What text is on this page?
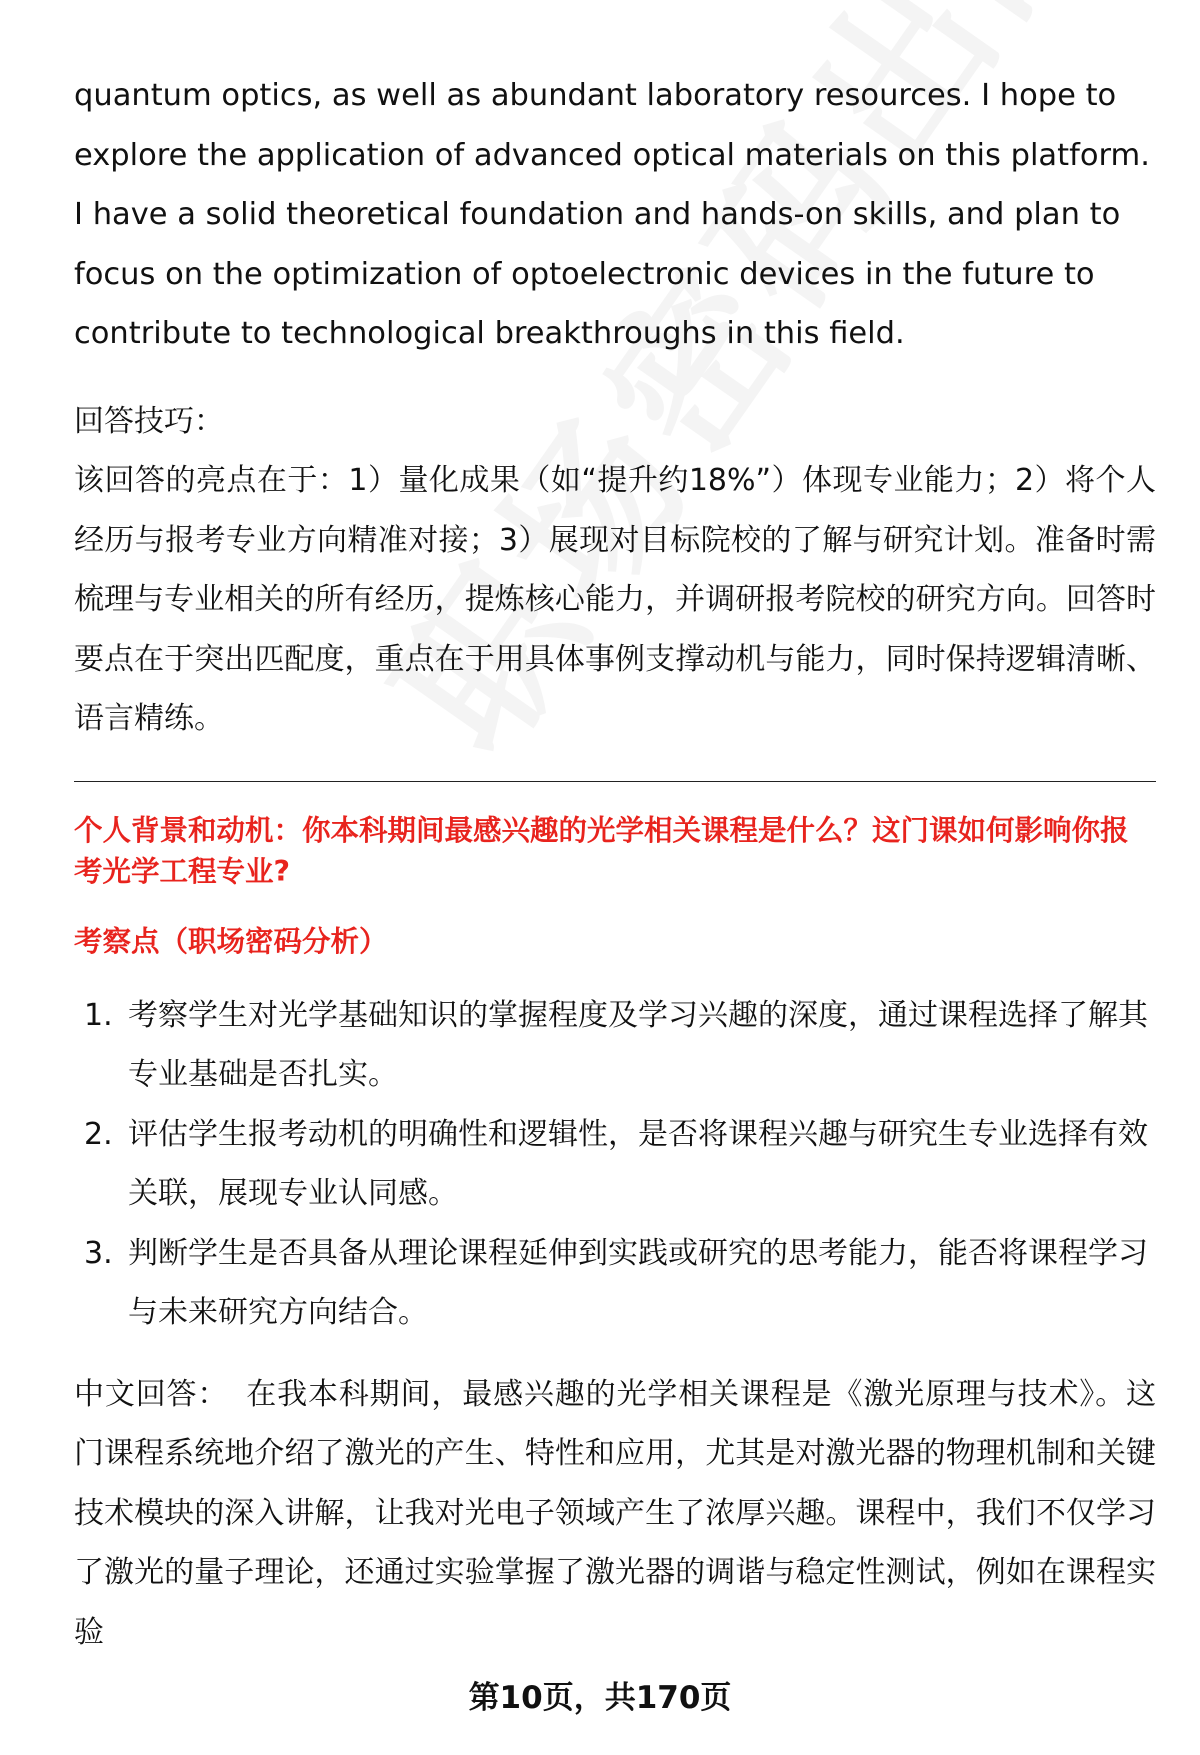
quantum optics, as well as abundant laboratory resources. I hope to explore the application of advanced optical materials on this platform. I have a solid theoretical foundation and hands-on skills, and plan to focus on the optimization of optoelectronic devices in the future to contribute to technological breakthroughs in this field.

回答技巧：

该回答的亮点在于：1）量化成果（如“提升约18%”）体现专业能力；2）将个人经历与报考专业方向精准对接；3）展现对目标院校的了解与研究计划。准备时需梳理与专业相关的所有经历，提炼核心能力，并调研报考院校的研究方向。回答时要点在于突出匹配度，重点在于用具体事例支撑动机与能力，同时保持逻辑清晰、语言精练。

个人背景和动机：你本科期间最感兴趣的光学相关课程是什么？这门课如何影响你报考光学工程专业?

考察点（职场密码分析）

1. 考察学生对光学基础知识的掌握程度及学习兴趣的深度，通过课程选择了解其专业基础是否扎实。
2. 评估学生报考动机的明确性和逻辑性，是否将课程兴趣与研究生专业选择有效关联，展现专业认同感。
3. 判断学生是否具备从理论课程延伸到实践或研究的思考能力，能否将课程学习与未来研究方向结合。

中文回答： 在我本科期间，最感兴趣的光学相关课程是《激光原理与技术》。这门课程系统地介绍了激光的产生、特性和应用，尤其是对激光器的物理机制和关键技术模块的深入讲解，让我对光电子领域产生了浓厚兴趣。课程中，我们不仅学习了激光的量子理论，还通过实验掌握了激光器的调谐与稳定性测试，例如在课程实验

第10页，共170页
